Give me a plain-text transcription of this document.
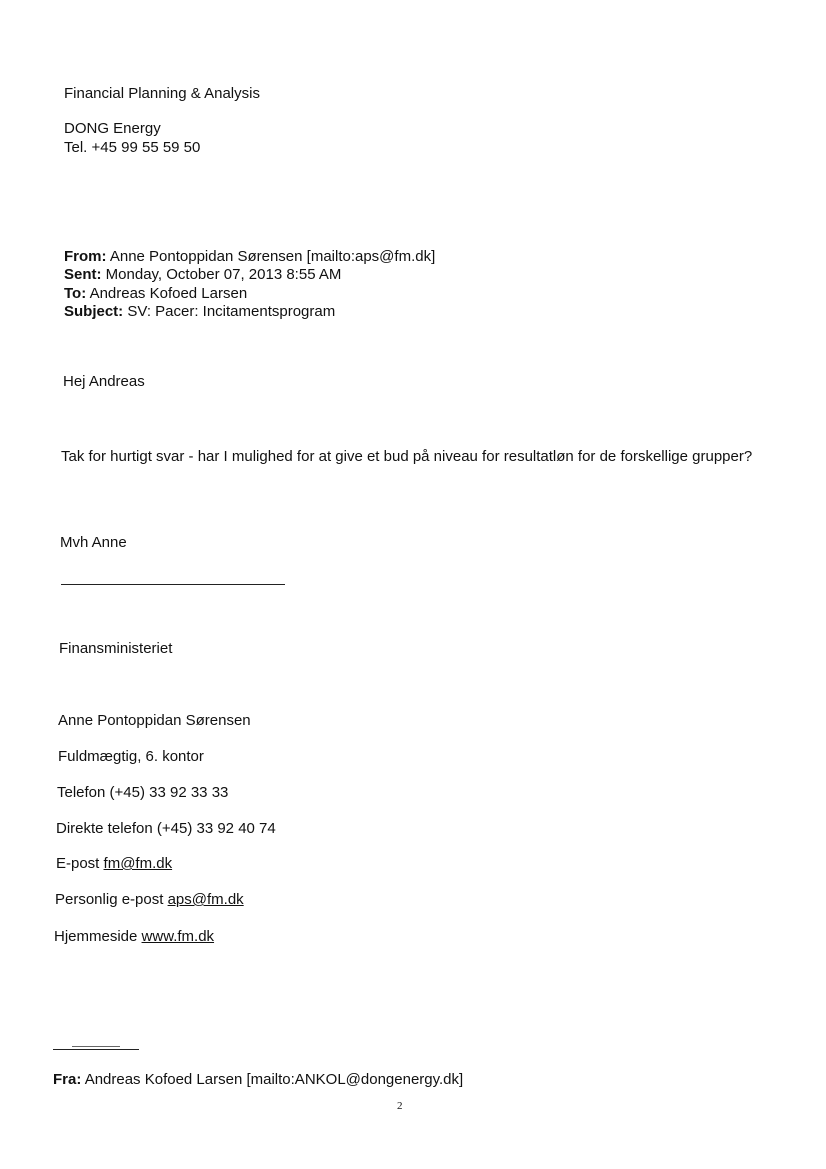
Financial Planning & Analysis
DONG Energy
Tel. +45 99 55 59 50
From: Anne Pontoppidan Sørensen [mailto:aps@fm.dk]
Sent: Monday, October 07, 2013 8:55 AM
To: Andreas Kofoed Larsen
Subject: SV: Pacer: Incitamentsprogram
Hej Andreas
Tak for hurtigt svar - har I mulighed for at give et bud på niveau for resultatløn for de forskellige grupper?
Mvh Anne
Finansministeriet
Anne Pontoppidan Sørensen
Fuldmægtig, 6. kontor
Telefon (+45) 33 92 33 33
Direkte telefon (+45) 33 92 40 74
E-post fm@fm.dk
Personlig e-post aps@fm.dk
Hjemmeside www.fm.dk
Fra: Andreas Kofoed Larsen [mailto:ANKOL@dongenergy.dk]
2
